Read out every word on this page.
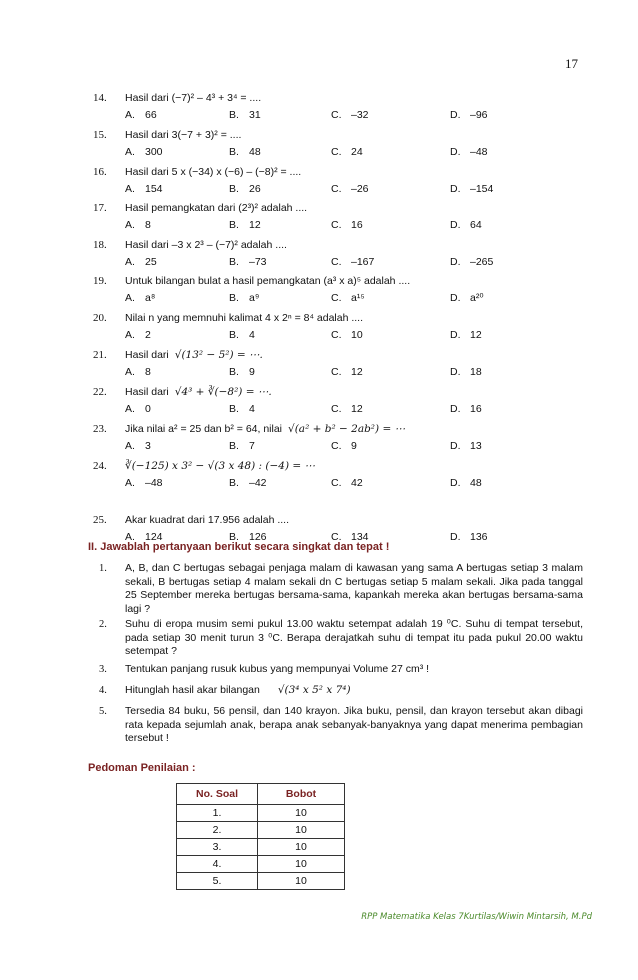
17
14. Hasil dari (−7)² – 4³ + 3⁴ = ....
A. 66	B. 31	C. –32	D. –96
15. Hasil dari 3(−7 + 3)² = ....
A. 300	B. 48	C. 24	D. –48
16. Hasil dari 5 x (−34) x (−6) – (−8)² = ....
A. 154	B. 26	C. –26	D. –154
17. Hasil pemangkatan dari (2³)² adalah ....
A. 8	B. 12	C. 16	D. 64
18. Hasil dari –3 x 2³ – (−7)² adalah ....
A. 25	B. –73	C. –167	D. –265
19. Untuk bilangan bulat a hasil pemangkatan (a³ x a)⁵ adalah ....
A. a⁸	B. a⁹	C. a¹⁵	D. a²⁰
20. Nilai n yang memnuhi kalimat 4 x 2ⁿ = 8⁴ adalah ....
A. 2	B. 4	C. 10	D. 12
21. Hasil dari √(13² − 5²) = ⋯.
A. 8	B. 9	C. 12	D. 18
22. Hasil dari √4³ + ∛(−8²) = ⋯.
A. 0	B. 4	C. 12	D. 16
23. Jika nilai a² = 25 dan b² = 64, nilai √(a² + b² − 2ab²) = ⋯
A. 3	B. 7	C. 9	D. 13
24. ∛(−125) x 3² − √(3 x 48) : (−4) = ⋯
A. –48	B. –42	C. 42	D. 48
25. Akar kuadrat dari 17.956 adalah ....
A. 124	B. 126	C. 134	D. 136
II. Jawablah pertanyaan berikut secara singkat dan tepat !
1. A, B, dan C bertugas sebagai penjaga malam di kawasan yang sama A bertugas setiap 3 malam sekali, B bertugas setiap 4 malam sekali dn C bertugas setiap 5 malam sekali. Jika pada tanggal 25 September mereka bertugas bersama-sama, kapankah mereka akan bertugas bersama-sama lagi ?
2. Suhu di eropa musim semi pukul 13.00 waktu setempat adalah 19 ⁰C. Suhu di tempat tersebut, pada setiap 30 menit turun 3 ⁰C. Berapa derajatkah suhu di tempat itu pada pukul 20.00 waktu setempat ?
3. Tentukan panjang rusuk kubus yang mempunyai Volume 27 cm³ !
4. Hitunglah hasil akar bilangan √(3⁴ x 5² x 7⁴)
5. Tersedia 84 buku, 56 pensil, dan 140 krayon. Jika buku, pensil, dan krayon tersebut akan dibagi rata kepada sejumlah anak, berapa anak sebanyak-banyaknya yang dapat menerima pembagian tersebut !
Pedoman Penilaian :
No. Soal	Bobot
1.	10
2.	10
3.	10
4.	10
5.	10
RPP Matematika Kelas 7Kurtilas/Wiwin Mintarsih, M.Pd
